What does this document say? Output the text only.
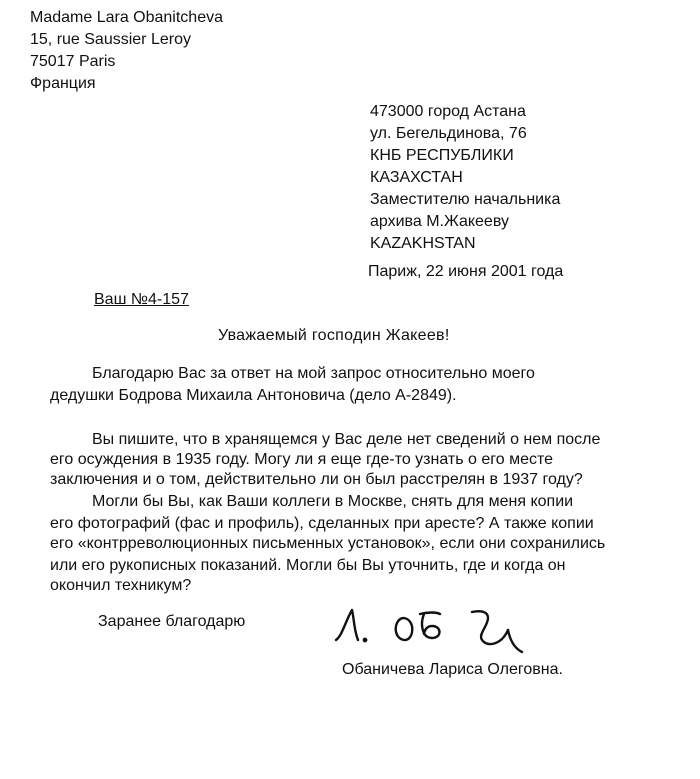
Madame Lara Obanitcheva
15, rue Saussier Leroy
75017 Paris
Франция
473000 город Астана
ул. Бегельдинова, 76
КНБ РЕСПУБЛИКИ
КАЗАХСТАН
Заместителю начальника
архива М.Жакееву
KAZAKHSTAN
Париж, 22 июня 2001 года
Ваш №4-157
Уважаемый господин Жакеев!
Благодарю Вас за ответ на мой запрос относительно моего
дедушки Бодрова Михаила Антоновича (дело А-2849).
Вы пишите, что в хранящемся у Вас деле нет сведений о нем после
его осуждения в 1935 году. Могу ли я еще где-то узнать о его месте
заключения и о том, действительно ли он был расстрелян в 1937 году?
Могли бы Вы, как Ваши коллеги в Москве, снять для меня копии
его фотографий (фас и профиль), сделанных при аресте? А также копии
его «контрреволюционных письменных установок», если они сохранились
или его рукописных показаний. Могли бы Вы уточнить, где и когда он
окончил техникум?
Заранее благодарю
Обаничева Лариса Олеговна.
